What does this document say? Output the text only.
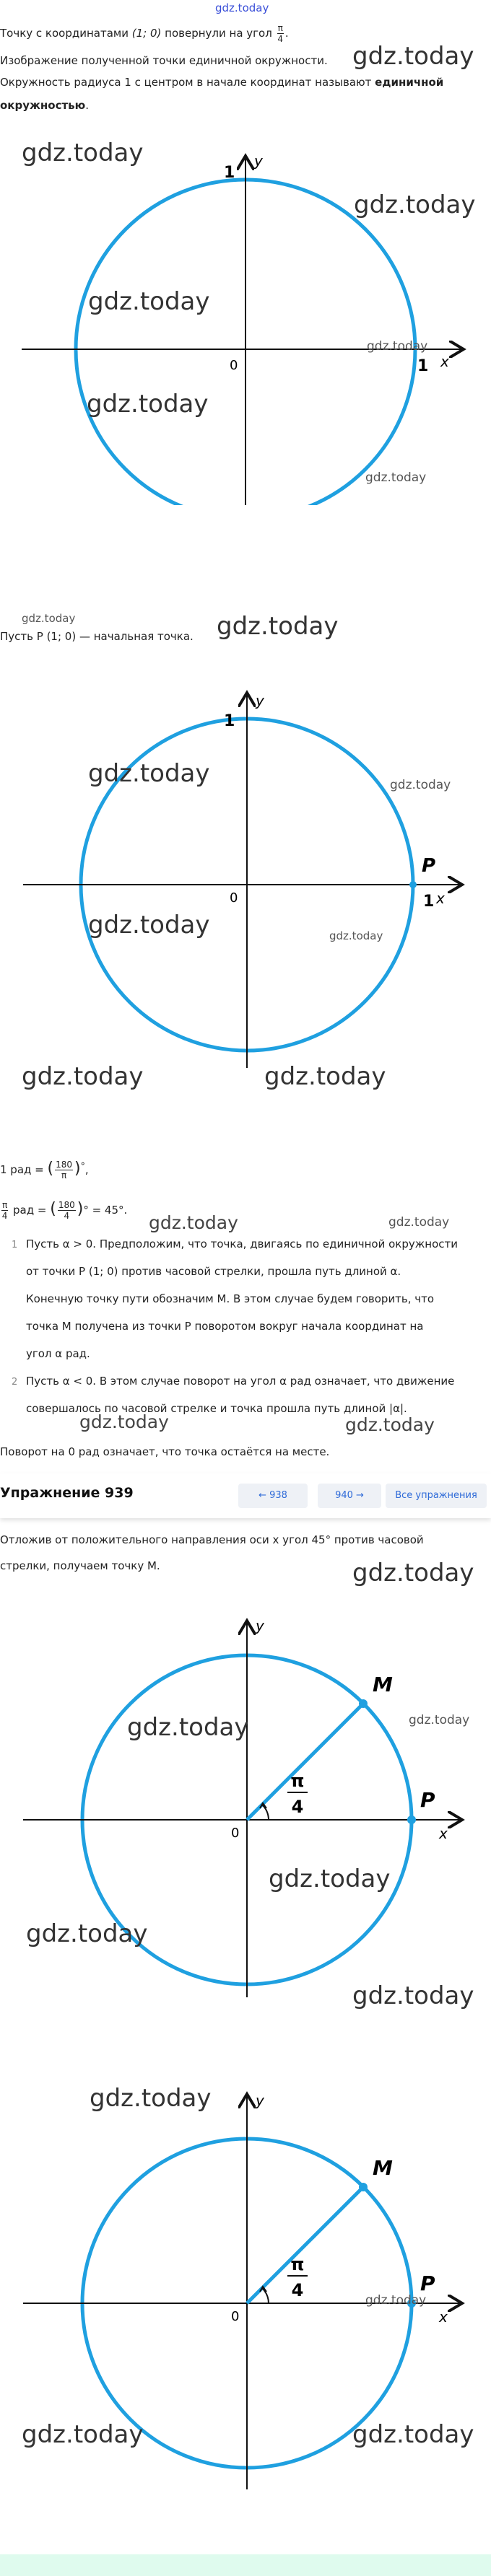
gdz.today
Точку с координатами (1; 0) повернули на угол $\frac{\pi}{4}$ .
Изображение полученной точки единичной окружности. gdz.today
Окружность радиуса 1 с центром в начале координат называют единичной
окружностью.
1
y
0	1 x
gdz.today
gdz.today
gdz.today
gdz.today
gdz.today
gdz.today
gdz.today
Пусть P (1; 0) — начальная точка. gdz.today
1
y
0	1 x
P
gdz.today	gdz.today
gdz.today	gdz.today
gdz.today	gdz.today
1 рад = ( $\frac{180}{\pi} )^\circ$,
$\frac{\pi}{4}$ рад = ( $\frac{180}{4}$ )° = 45°.
gdz.today	gdz.today
1 Пусть α > 0. Предположим, что точка, двигаясь по единичной окружности
от точки P (1; 0) против часовой стрелки, прошла путь длиной α.
Конечную точку пути обозначим M. В этом случае будем говорить, что
точка M получена из точки P поворотом вокруг начала координат на
угол α рад.
2 Пусть α < 0. В этом случае поворот на угол α рад означает, что движение
совершалось по часовой стрелке и точка прошла путь длиной |α|.
gdz.today	gdz.today
Поворот на 0 рад означает, что точка остаётся на месте.
Упражнение 939	← 938	940 →	Все упражнения
Отложив от положительного направления оси x угол 45° против часовой
стрелки, получаем точку M.	gdz.today
y
0	x
P
M
π
4
gdz.today	gdz.today
gdz.today
gdz.today
gdz.today
y
0	x
P
M
π
4
gdz.today
gdz.today
gdz.today	gdz.today
